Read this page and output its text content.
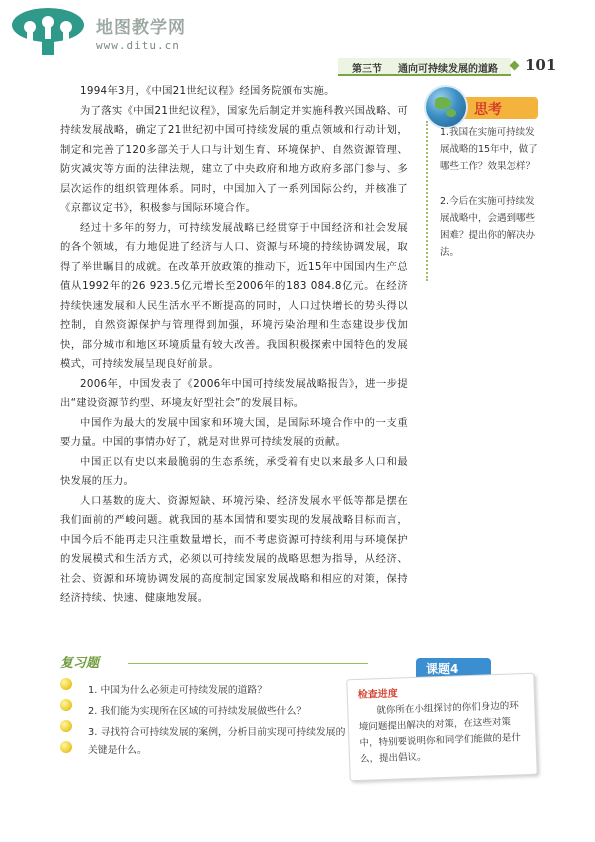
地图教学网
www.ditu.cn
第三节 通向可持续发展的道路 101

1994年3月，《中国21世纪议程》经国务院颁布实施。

为了落实《中国21世纪议程》，国家先后制定并实施科教兴国战略、可持续发展战略，确定了21世纪初中国可持续发展的重点领域和行动计划，制定和完善了120多部关于人口与计划生育、环境保护、自然资源管理、防灾减灾等方面的法律法规，建立了中央政府和地方政府多部门参与、多层次运作的组织管理体系。同时，中国加入了一系列国际公约，并核准了《京都议定书》，积极参与国际环境合作。

经过十多年的努力，可持续发展战略已经贯穿于中国经济和社会发展的各个领域，有力地促进了经济与人口、资源与环境的持续协调发展，取得了举世瞩目的成就。在改革开放政策的推动下，近15年中国国内生产总值从1992年的26 923.5亿元增长至2006年的183 084.8亿元。在经济持续快速发展和人民生活水平不断提高的同时，人口过快增长的势头得以控制，自然资源保护与管理得到加强，环境污染治理和生态建设步伐加快，部分城市和地区环境质量有较大改善。我国积极探索中国特色的发展模式，可持续发展呈现良好前景。

2006年，中国发表了《2006年中国可持续发展战略报告》，进一步提出“建设资源节约型、环境友好型社会”的发展目标。

中国作为最大的发展中国家和环境大国，是国际环境合作中的一支重要力量。中国的事情办好了，就是对世界可持续发展的贡献。

中国正以有史以来最脆弱的生态系统，承受着有史以来最多人口和最快发展的压力。

人口基数的庞大、资源短缺、环境污染、经济发展水平低等都是摆在我们面前的严峻问题。就我国的基本国情和要实现的发展战略目标而言，中国今后不能再走只注重数量增长，而不考虑资源可持续利用与环境保护的发展模式和生活方式，必须以可持续发展的战略思想为指导，从经济、社会、资源和环境协调发展的高度制定国家发展战略和相应的对策，保持经济持续、快速、健康地发展。

思考

1.我国在实施可持续发展战略的15年中，做了哪些工作？效果怎样？

2.今后在实施可持续发展战略中，会遇到哪些困难？提出你的解决办法。

复习题
1. 中国为什么必须走可持续发展的道路？
2. 我们能为实现所在区域的可持续发展做些什么？
3. 寻找符合可持续发展的案例，分析目前实现可持续发展的关键是什么。
课题4
检查进度
就你所在小组探讨的你们身边的环境问题提出解决的对策，在这些对策中，特别要说明你和同学们能做的是什么，提出倡议。
